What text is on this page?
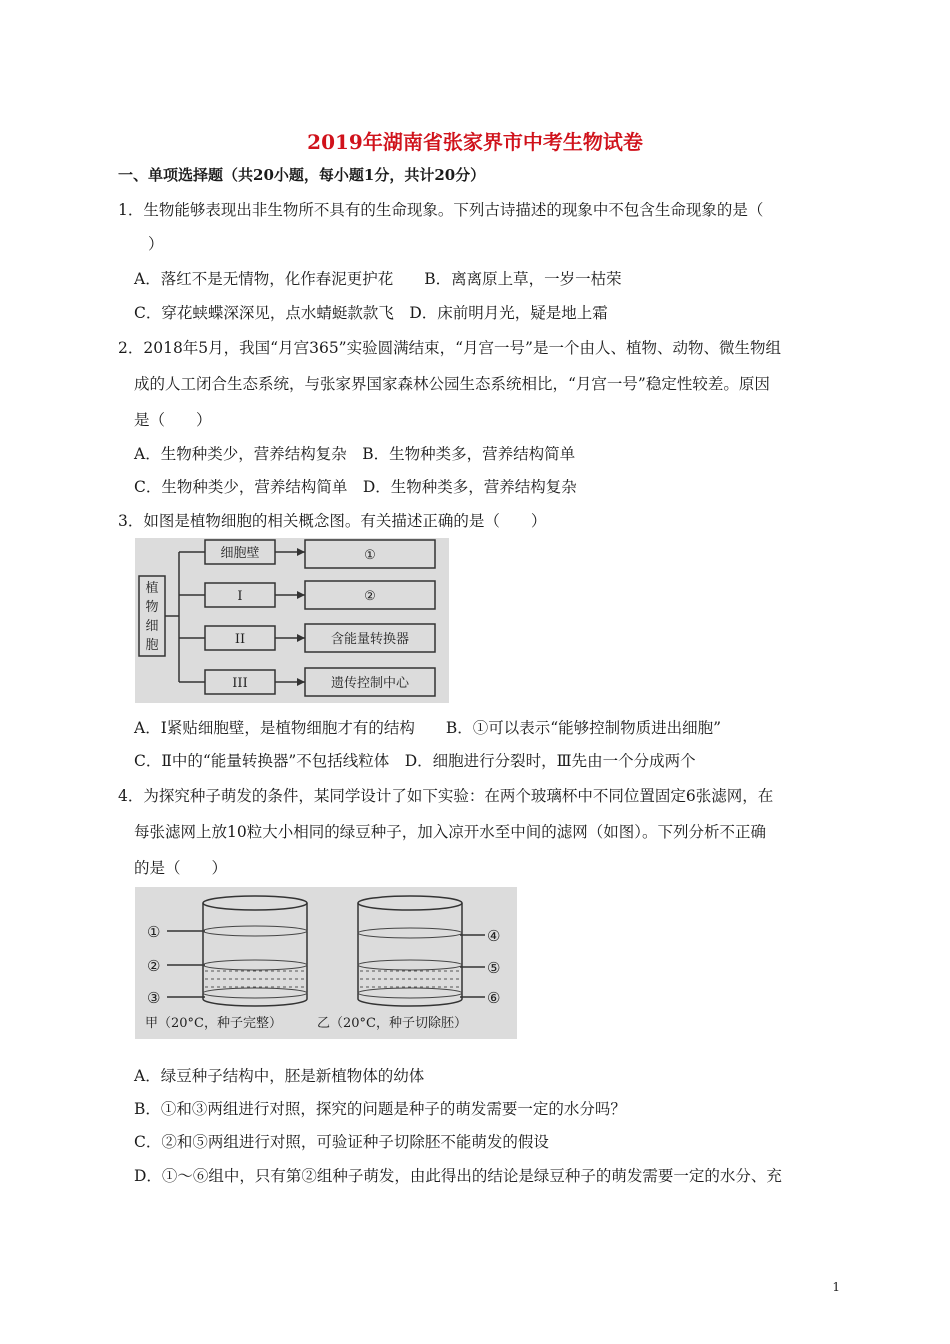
2019年湖南省张家界市中考生物试卷
一、单项选择题（共20小题，每小题1分，共计20分）
1．生物能够表现出非生物所不具有的生命现象。下列古诗描述的现象中不包含生命现象的是（
）
A．落红不是无情物，化作春泥更护花　　B．离离原上草，一岁一枯荣
C．穿花蛱蝶深深见，点水蜻蜓款款飞　D．床前明月光，疑是地上霜
2．2018年5月，我国“月宫365”实验圆满结束，“月宫一号”是一个由人、植物、动物、微生物组
成的人工闭合生态系统，与张家界国家森林公园生态系统相比，“月宫一号”稳定性较差。原因
是（　　）
A．生物种类少，营养结构复杂　B．生物种类多，营养结构简单
C．生物种类少，营养结构简单　D．生物种类多，营养结构复杂
3．如图是植物细胞的相关概念图。有关描述正确的是（　　）
植
物
细
胞
细胞壁
I
II
III
①
②
含能量转换器
遗传控制中心
A．Ⅰ紧贴细胞壁，是植物细胞才有的结构　　B．①可以表示“能够控制物质进出细胞”
C．Ⅱ中的“能量转换器”不包括线粒体　D．细胞进行分裂时，Ⅲ先由一个分成两个
4．为探究种子萌发的条件，某同学设计了如下实验：在两个玻璃杯中不同位置固定6张滤网，在
每张滤网上放10粒大小相同的绿豆种子，加入凉开水至中间的滤网（如图）。下列分析不正确
的是（　　）
①
②
③
④
⑤
⑥
甲（20°C，种子完整）	乙（20°C，种子切除胚）
A．绿豆种子结构中，胚是新植物体的幼体
B．①和③两组进行对照，探究的问题是种子的萌发需要一定的水分吗？
C．②和⑤两组进行对照，可验证种子切除胚不能萌发的假设
D．①～⑥组中，只有第②组种子萌发，由此得出的结论是绿豆种子的萌发需要一定的水分、充
1
